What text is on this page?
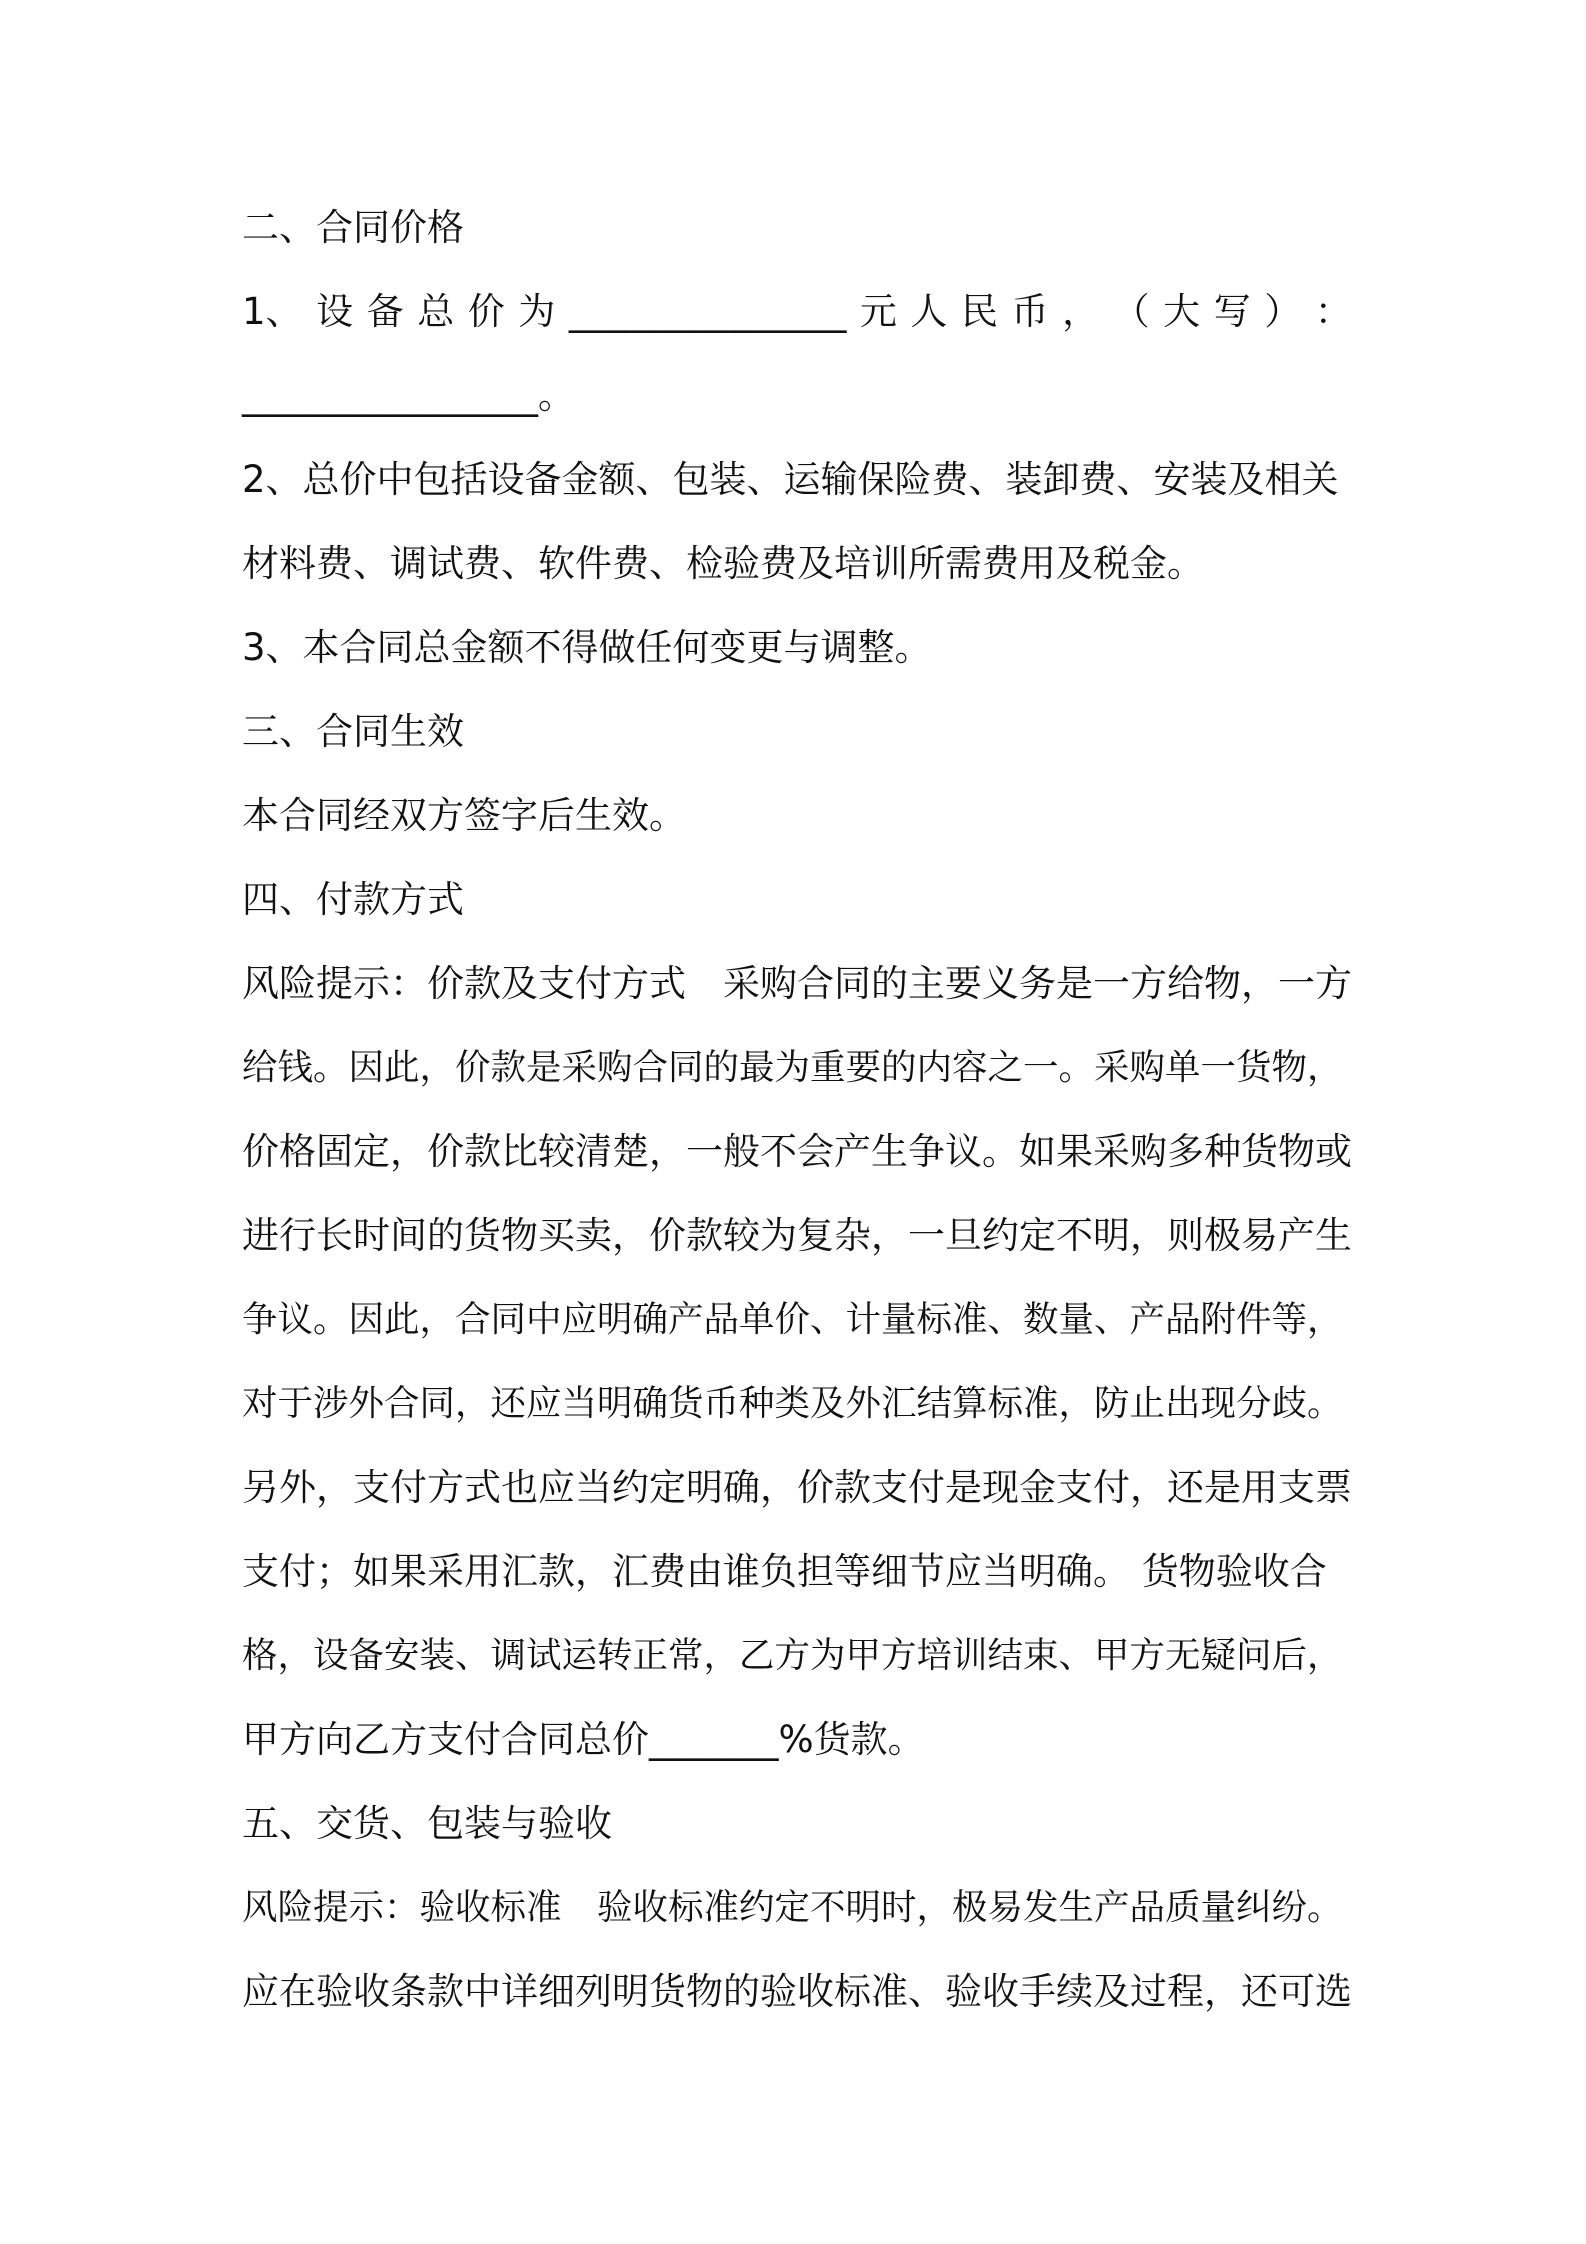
二、合同价格

1、 设 备 总 价 为 _______________ 元 人 民 币 ， （ 大 写 ） ：

________________。

2、总价中包括设备金额、包装、运输保险费、装卸费、安装及相关

材料费、调试费、软件费、检验费及培训所需费用及税金。

3、本合同总金额不得做任何变更与调整。

三、合同生效

本合同经双方签字后生效。

四、付款方式

风险提示：价款及支付方式　采购合同的主要义务是一方给物，一方

给钱。因此，价款是采购合同的最为重要的内容之一。采购单一货物，

价格固定，价款比较清楚，一般不会产生争议。如果采购多种货物或

进行长时间的货物买卖，价款较为复杂，一旦约定不明，则极易产生

争议。因此，合同中应明确产品单价、计量标准、数量、产品附件等，

对于涉外合同，还应当明确货币种类及外汇结算标准，防止出现分歧。

另外，支付方式也应当约定明确，价款支付是现金支付，还是用支票

支付；如果采用汇款，汇费由谁负担等细节应当明确。 货物验收合

格，设备安装、调试运转正常，乙方为甲方培训结束、甲方无疑问后，

甲方向乙方支付合同总价_______%货款。

五、交货、包装与验收

风险提示：验收标准　验收标准约定不明时，极易发生产品质量纠纷。

应在验收条款中详细列明货物的验收标准、验收手续及过程，还可选
